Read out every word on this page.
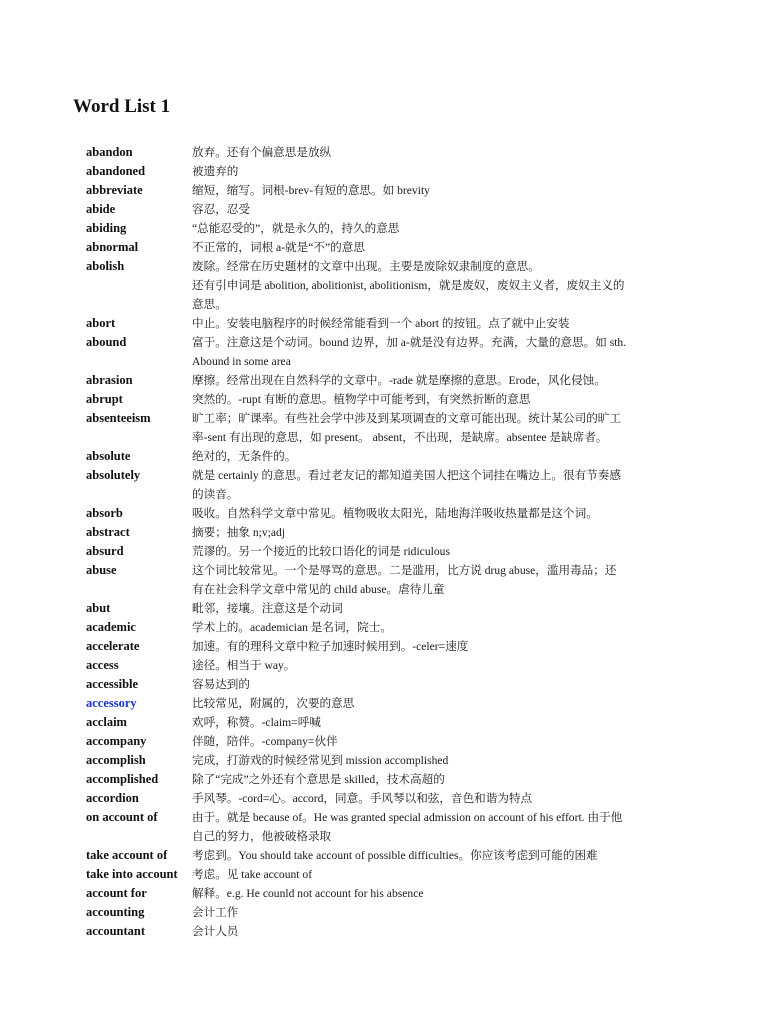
Word List 1
abandon	放弃。还有个偏意思是放纵
abandoned	被遗弃的
abbreviate	缩短，缩写。词根-brev-有短的意思。如 brevity
abide	容忍，忍受
abiding	“总能忍受的”，就是永久的，持久的意思
abnormal	不正常的，词根 a-就是“不”的意思
abolish	废除。经常在历史题材的文章中出现。主要是废除奴隶制度的意思。
还有引申词是 abolition, abolitionist, abolitionism，就是废奴，废奴主义者，废奴主义的
意思。
abort	中止。安装电脑程序的时候经常能看到一个 abort 的按钮。点了就中止安装
abound	富于。注意这是个动词。bound 边界，加 a-就是没有边界。充满，大量的意思。如 sth.
Abound in some area
abrasion	摩擦。经常出现在自然科学的文章中。-rade 就是摩擦的意思。Erode，风化侵蚀。
abrupt	突然的。-rupt 有断的意思。植物学中可能考到，有突然折断的意思
absenteeism	旷工率；旷课率。有些社会学中涉及到某项调查的文章可能出现。统计某公司的旷工
率-sent 有出现的意思，如 present。 absent，不出现，是缺席。absentee 是缺席者。
absolute	绝对的，无条件的。
absolutely	就是 certainly 的意思。看过老友记的都知道美国人把这个词挂在嘴边上。很有节奏感
的读音。
absorb	吸收。自然科学文章中常见。植物吸收太阳光，陆地海洋吸收热量都是这个词。
abstract	摘要；抽象 n;v;adj
absurd	荒谬的。另一个接近的比较口语化的词是 ridiculous
abuse	这个词比较常见。一个是辱骂的意思。二是滥用，比方说 drug abuse，滥用毒品；还
有在社会科学文章中常见的 child abuse。虐待儿童
abut	毗邻，接壤。注意这是个动词
academic	学术上的。academician 是名词，院士。
accelerate	加速。有的理科文章中粒子加速时候用到。-celer=速度
access	途径。相当于 way。
accessible	容易达到的
accessory	比较常见，附属的，次要的意思
acclaim	欢呼，称赞。-claim=呼喊
accompany	伴随，陪伴。-company=伙伴
accomplish	完成，打游戏的时候经常见到 mission accomplished
accomplished	除了“完成”之外还有个意思是 skilled，技术高超的
accordion	手风琴。-cord=心。accord，同意。手风琴以和弦，音色和谐为特点
on account of	由于。就是 because of。He was granted special admission on account of his effort. 由于他
自己的努力，他被破格录取
take account of	考虑到。You should take account of possible difficulties。你应该考虑到可能的困难
take into account	考虑。见 take account of
account for	解释。e.g. He counld not account for his absence
accounting	会计工作
accountant	会计人员
